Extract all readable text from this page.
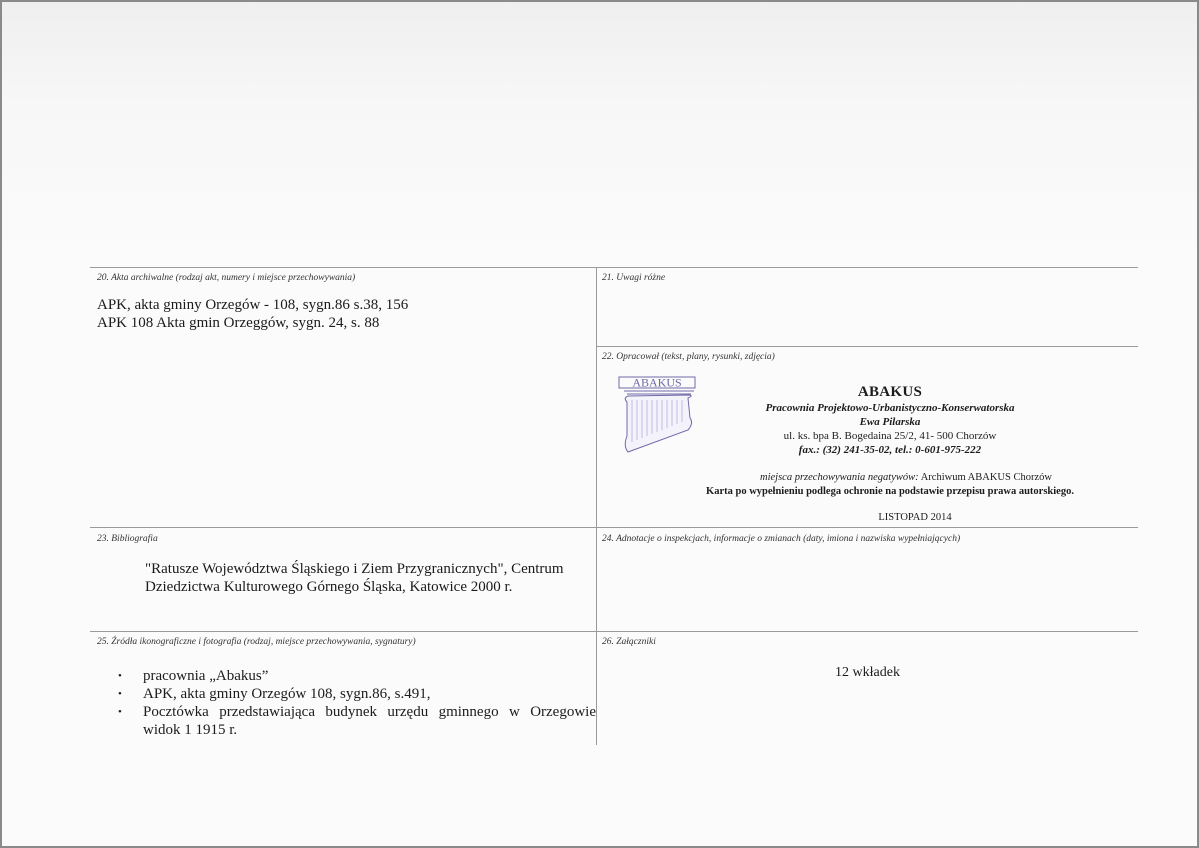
20. Akta archiwalne (rodzaj akt, numery i miejsce przechowywania)
APK, akta gminy Orzegów - 108, sygn.86 s.38, 156
APK 108 Akta gmin Orzeggów, sygn. 24, s. 88
21. Uwagi różne
22. Opracował (tekst, plany, rysunki, zdjęcia)
ABAKUS
ABAKUS
Pracownia Projektowo-Urbanistyczno-Konserwatorska
Ewa Pilarska
ul. ks. bpa B. Bogedaina 25/2, 41- 500 Chorzów
fax.: (32) 241-35-02, tel.: 0-601-975-222
miejsca przechowywania negatywów: Archiwum ABAKUS Chorzów
Karta po wypełnieniu podlega ochronie na podstawie przepisu prawa autorskiego.
LISTOPAD 2014
23. Bibliografia
"Ratusze Województwa Śląskiego i Ziem Przygranicznych", Centrum Dziedzictwa Kulturowego Górnego Śląska, Katowice 2000 r.
24. Adnotacje o inspekcjach, informacje o zmianach (daty, imiona i nazwiska wypełniających)
25. Źródła ikonograficzne i fotografia (rodzaj, miejsce przechowywania, sygnatury)
•	pracownia „Abakus”
•	APK, akta gminy Orzegów 108, sygn.86, s.491,
•	Pocztówka przedstawiająca budynek urzędu gminnego w Orzegowie widok 1 1915 r.
26. Załączniki
12 wkładek
